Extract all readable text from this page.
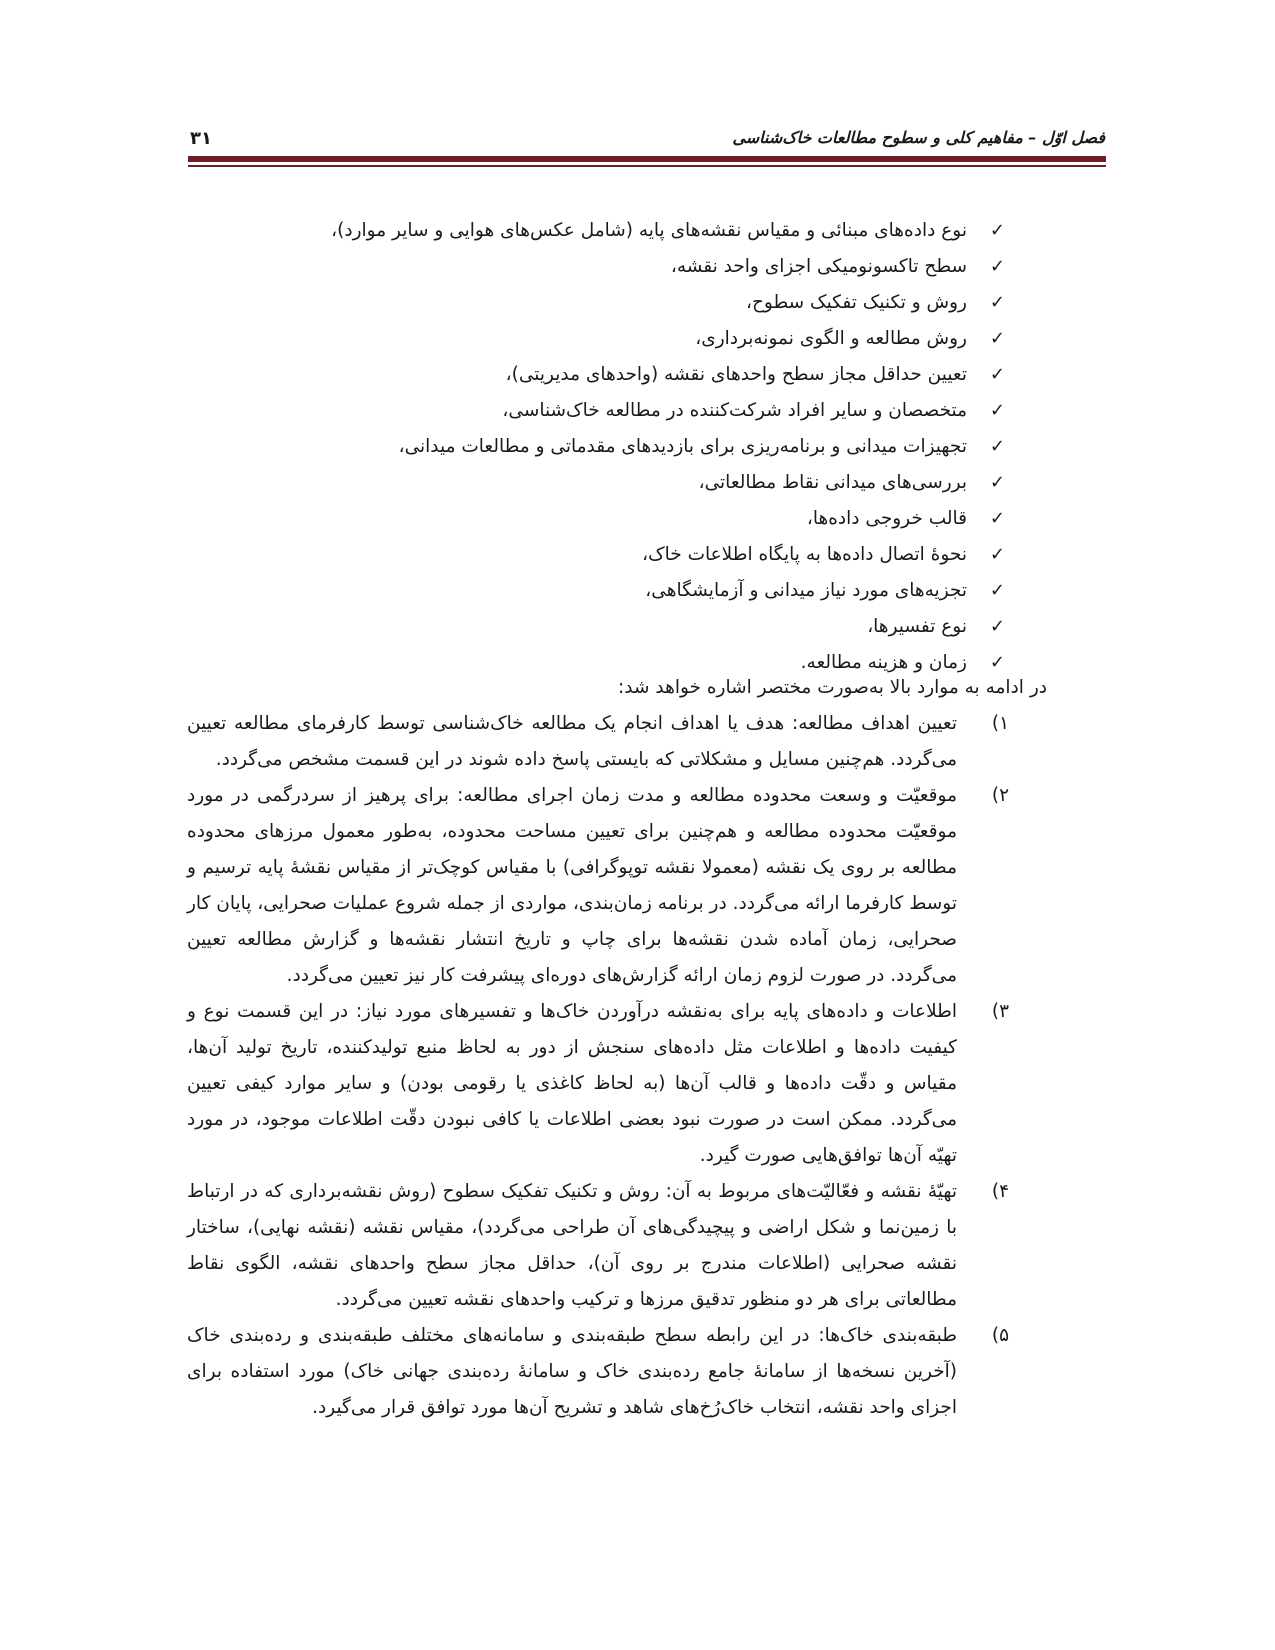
فصل اوّل – مفاهیم کلی و سطوح مطالعات خاک‌شناسی
۳۱
✓
نوع داده‌های مبنائی و مقیاس نقشه‌های پایه (شامل عکس‌های هوایی و سایر موارد)،
✓
سطح تاکسونومیکی اجزای واحد نقشه،
✓
روش و تکنیک تفکیک سطوح،
✓
روش مطالعه و الگوی نمونه‌برداری،
✓
تعیین حداقل مجاز سطح واحدهای نقشه (واحدهای مدیریتی)،
✓
متخصصان و سایر افراد شرکت‌کننده در مطالعه خاک‌شناسی،
✓
تجهیزات میدانی و برنامه‌ریزی برای بازدیدهای مقدماتی و مطالعات میدانی،
✓
بررسی‌های میدانی نقاط مطالعاتی،
✓
قالب خروجی داده‌ها،
✓
نحوهٔ اتصال داده‌ها به پایگاه اطلاعات خاک،
✓
تجزیه‌های مورد نیاز میدانی و آزمایشگاهی،
✓
نوع تفسیرها،
✓
زمان و هزینه مطالعه.
در ادامه به موارد بالا به‌صورت مختصر اشاره خواهد شد:
۱)
تعیین اهداف مطالعه: هدف یا اهداف انجام یک مطالعه خاک‌شناسی توسط کارفرمای مطالعه تعیین می‌گردد. هم‌چنین مسایل و مشکلاتی که بایستی پاسخ داده شوند در این قسمت مشخص می‌گردد.
۲)
موقعیّت و وسعت محدوده مطالعه و مدت زمان اجرای مطالعه: برای پرهیز از سردرگمی در مورد موقعیّت محدوده مطالعه و هم‌چنین برای تعیین مساحت محدوده، به‌طور معمول مرزهای محدوده مطالعه بر روی یک نقشه (معمولا نقشه توپوگرافی) با مقیاس کوچک‌تر از مقیاس نقشهٔ پایه ترسیم و توسط کارفرما ارائه می‌گردد. در برنامه زمان‌بندی، مواردی از جمله شروع عملیات صحرایی، پایان کار صحرایی، زمان آماده شدن نقشه‌ها برای چاپ و تاریخ انتشار نقشه‌ها و گزارش مطالعه تعیین می‌گردد. در صورت لزوم زمان ارائه گزارش‌های دوره‌ای پیشرفت کار نیز تعیین می‌گردد.
۳)
اطلاعات و داده‌های پایه برای به‌نقشه درآوردن خاک‌ها و تفسیرهای مورد نیاز: در این قسمت نوع و کیفیت داده‌ها و اطلاعات مثل داده‌های سنجش از دور به لحاظ منبع تولیدکننده، تاریخ تولید آن‌ها، مقیاس و دقّت داده‌ها و قالب آن‌ها (به لحاظ کاغذی یا رقومی بودن) و سایر موارد کیفی تعیین می‌گردد. ممکن است در صورت نبود بعضی اطلاعات یا کافی نبودن دقّت اطلاعات موجود، در مورد تهیّه آن‌ها توافق‌هایی صورت گیرد.
۴)
تهیّهٔ نقشه و فعّالیّت‌های مربوط به آن: روش و تکنیک تفکیک سطوح (روش نقشه‌برداری که در ارتباط با زمین‌نما و شکل اراضی و پیچیدگی‌های آن طراحی می‌گردد)، مقیاس نقشه (نقشه نهایی)، ساختار نقشه صحرایی (اطلاعات مندرج بر روی آن)، حداقل مجاز سطح واحدهای نقشه، الگوی نقاط مطالعاتی برای هر دو منظور تدقیق مرزها و ترکیب واحدهای نقشه تعیین می‌گردد.
۵)
طبقه‌بندی خاک‌ها: در این رابطه سطح طبقه‌بندی و سامانه‌های مختلف طبقه‌بندی و رده‌بندی خاک (آخرین نسخه‌ها از سامانهٔ جامع رده‌بندی خاک و سامانهٔ رده‌بندی جهانی خاک) مورد استفاده برای اجزای واحد نقشه، انتخاب خاک‌رُخ‌های شاهد و تشریح آن‌ها مورد توافق قرار می‌گیرد.
